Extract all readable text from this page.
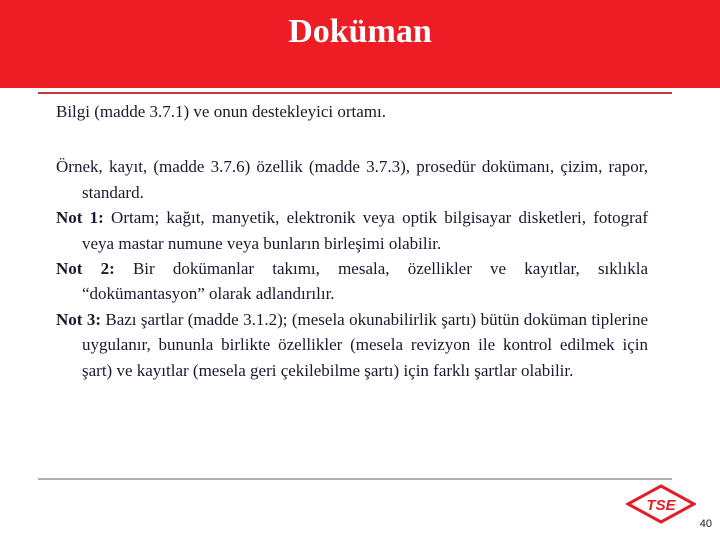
Doküman

Bilgi (madde 3.7.1) ve onun destekleyici ortamı.

Örnek, kayıt, (madde 3.7.6) özellik (madde 3.7.3), prosedür dokümanı, çizim, rapor, standard.

Not 1: Ortam; kağıt, manyetik, elektronik veya optik bilgisayar disketleri, fotograf veya mastar numune veya bunların birleşimi olabilir.

Not 2: Bir dokümanlar takımı, mesala, özellikler ve kayıtlar, sıklıkla “dokümantasyon” olarak adlandırılır.

Not 3: Bazı şartlar (madde 3.1.2); (mesela okunabilirlik şartı) bütün doküman tiplerine uygulanır, bununla birlikte özellikler (mesela revizyon ile kontrol edilmek için şart) ve kayıtlar (mesela geri çekilebilme şartı) için farklı şartlar olabilir.

TSE
40
